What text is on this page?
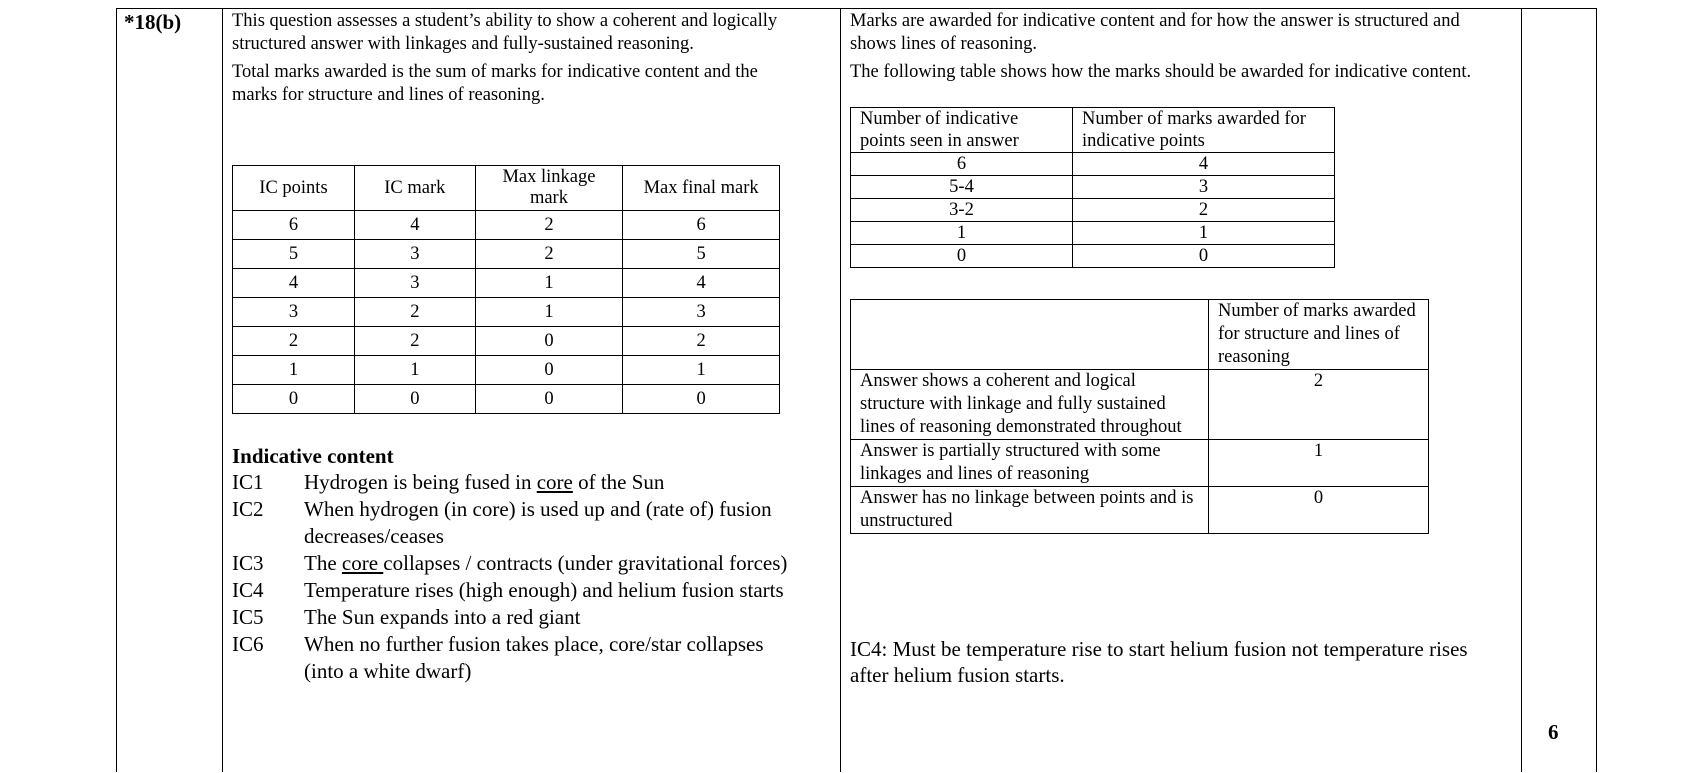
*18(b)	This question assesses a student’s ability to show a coherent and logically structured answer with linkages and fully-sustained reasoning.

Total marks awarded is the sum of marks for indicative content and the marks for structure and lines of reasoning.

IC points	IC mark	Max linkage mark	Max final mark
6	4	2	6
5	3	2	5
4	3	1	4
3	2	1	3
2	2	0	2
1	1	0	1
0	0	0	0
Indicative content
IC1	Hydrogen is being fused in core of the Sun
IC2	When hydrogen (in core) is used up and (rate of) fusion decreases/ceases
IC3	The core collapses / contracts (under gravitational forces)
IC4	Temperature rises (high enough) and helium fusion starts
IC5	The Sun expands into a red giant
IC6	When no further fusion takes place, core/star collapses (into a white dwarf)

Marks are awarded for indicative content and for how the answer is structured and shows lines of reasoning.

The following table shows how the marks should be awarded for indicative content.

Number of indicative points seen in answer	Number of marks awarded for indicative points
6	4
5-4	3
3-2	2
1	1
0	0
	Number of marks awarded for structure and lines of reasoning
Answer shows a coherent and logical structure with linkage and fully sustained lines of reasoning demonstrated throughout	2
Answer is partially structured with some linkages and lines of reasoning	1
Answer has no linkage between points and is unstructured	0
IC4: Must be temperature rise to start helium fusion not temperature rises after helium fusion starts.
6
